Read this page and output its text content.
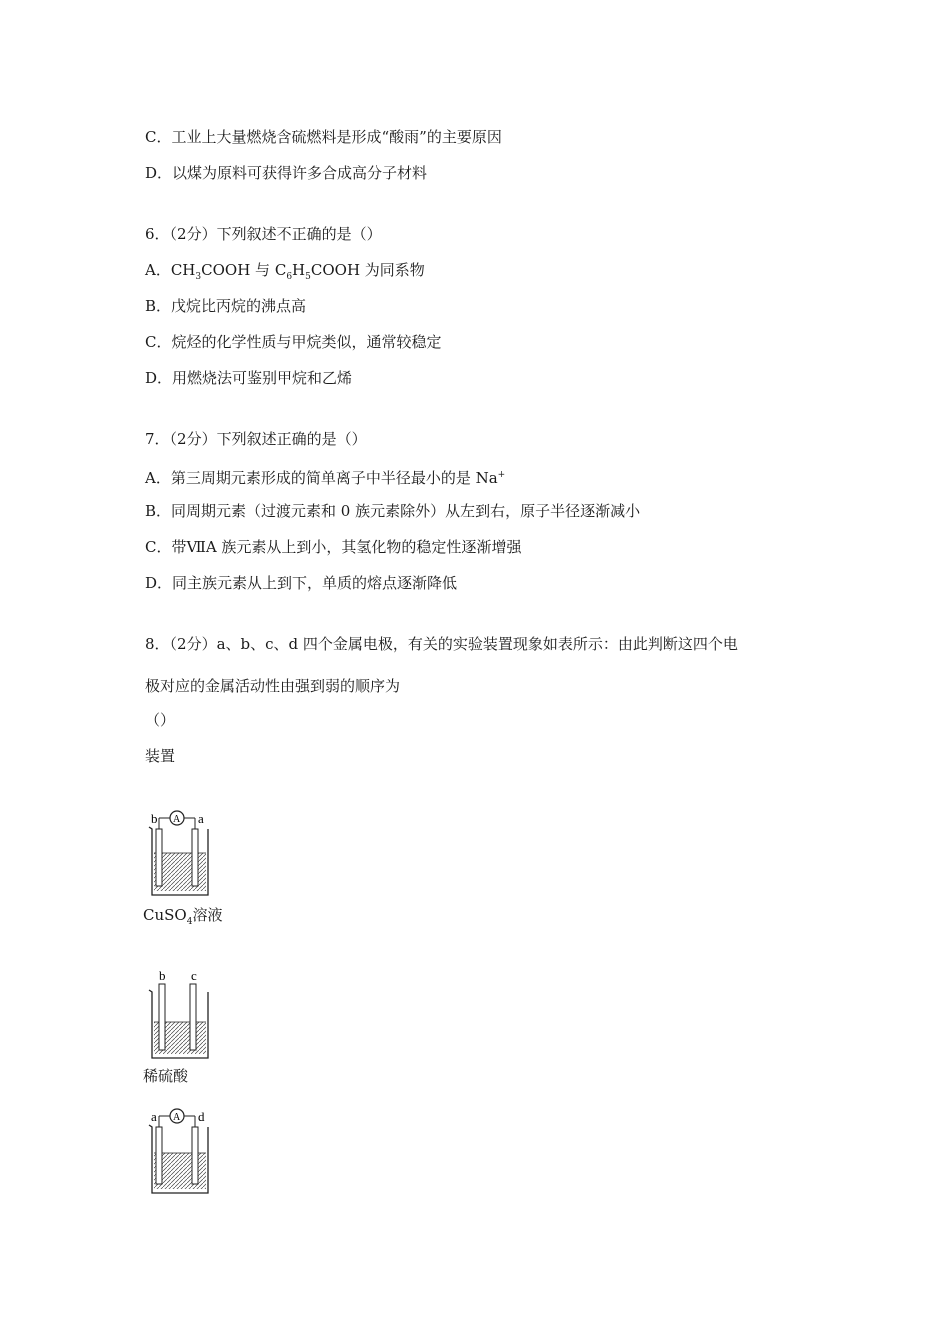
C．工业上大量燃烧含硫燃料是形成“酸雨”的主要原因
D．以煤为原料可获得许多合成高分子材料
6．（2分）下列叙述不正确的是（）
A．$CH_3COOH$ 与 $C_6H_5COOH$ 为同系物
B．戊烷比丙烷的沸点高
C．烷烃的化学性质与甲烷类似，通常较稳定
D．用燃烧法可鉴别甲烷和乙烯
7．（2分）下列叙述正确的是（）
A．第三周期元素形成的简单离子中半径最小的是 Na+
B．同周期元素（过渡元素和 0 族元素除外）从左到右，原子半径逐渐减小
C．带ⅦA 族元素从上到小，其氢化物的稳定性逐渐增强
D．同主族元素从上到下，单质的熔点逐渐降低
8．（2分）a、b、c、d 四个金属电极，有关的实验装置现象如表所示：由此判断这四个电
极对应的金属活动性由强到弱的顺序为
（）
装置
b A a
CuSO$_4$溶液
b c
稀硫酸
a A d
